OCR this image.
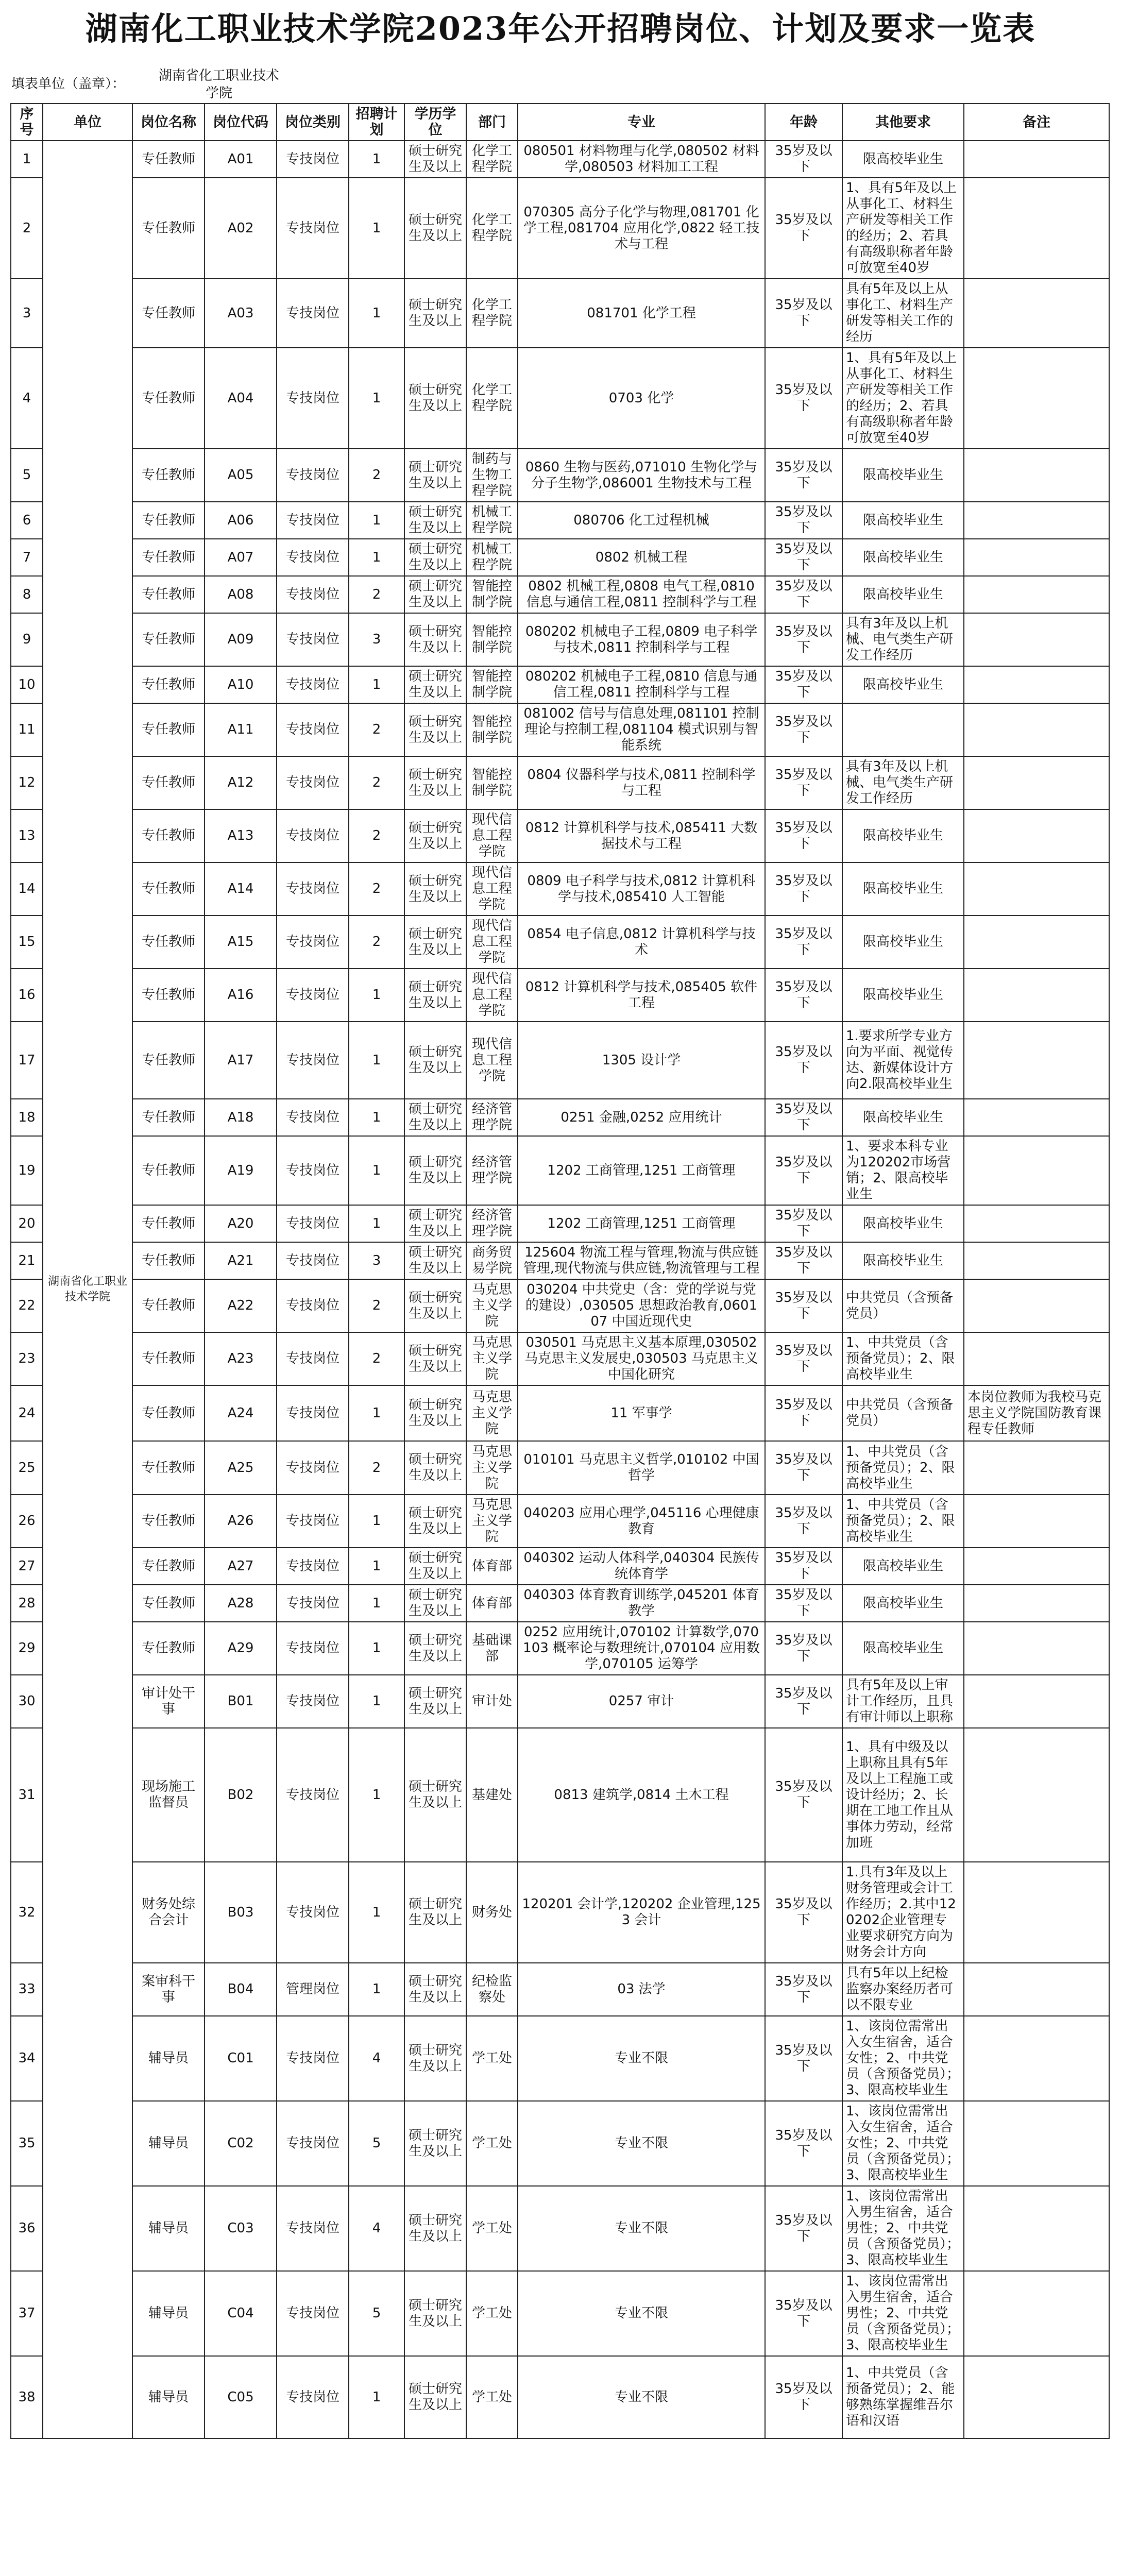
湖南化工职业技术学院2023年公开招聘岗位、计划及要求一览表
填表单位（盖章）：
湖南省化工职业技术学院
序号	单位	岗位名称	岗位代码	岗位类别	招聘计划	学历学位	部门	专业	年龄	其他要求	备注
1	湖南省化工职业技术学院	专任教师	A01	专技岗位	1	硕士研究生及以上	化学工程学院	080501 材料物理与化学,080502 材料学,080503 材料加工工程	35岁及以下	限高校毕业生	
2		专任教师	A02	专技岗位	1	硕士研究生及以上	化学工程学院	070305 高分子化学与物理,081701 化学工程,081704 应用化学,0822 轻工技术与工程	35岁及以下	1、具有5年及以上从事化工、材料生产研发等相关工作的经历；2、若具有高级职称者年龄可放宽至40岁	
3		专任教师	A03	专技岗位	1	硕士研究生及以上	化学工程学院	081701 化学工程	35岁及以下	具有5年及以上从事化工、材料生产研发等相关工作的经历	
4		专任教师	A04	专技岗位	1	硕士研究生及以上	化学工程学院	0703 化学	35岁及以下	1、具有5年及以上从事化工、材料生产研发等相关工作的经历；2、若具有高级职称者年龄可放宽至40岁	
5		专任教师	A05	专技岗位	2	硕士研究生及以上	制药与生物工程学院	0860 生物与医药,071010 生物化学与分子生物学,086001 生物技术与工程	35岁及以下	限高校毕业生	
6		专任教师	A06	专技岗位	1	硕士研究生及以上	机械工程学院	080706 化工过程机械	35岁及以下	限高校毕业生	
7		专任教师	A07	专技岗位	1	硕士研究生及以上	机械工程学院	0802 机械工程	35岁及以下	限高校毕业生	
8		专任教师	A08	专技岗位	2	硕士研究生及以上	智能控制学院	0802 机械工程,0808 电气工程,0810 信息与通信工程,0811 控制科学与工程	35岁及以下	限高校毕业生	
9		专任教师	A09	专技岗位	3	硕士研究生及以上	智能控制学院	080202 机械电子工程,0809 电子科学与技术,0811 控制科学与工程	35岁及以下	具有3年及以上机械、电气类生产研发工作经历	
10		专任教师	A10	专技岗位	1	硕士研究生及以上	智能控制学院	080202 机械电子工程,0810 信息与通信工程,0811 控制科学与工程	35岁及以下	限高校毕业生	
11		专任教师	A11	专技岗位	2	硕士研究生及以上	智能控制学院	081002 信号与信息处理,081101 控制理论与控制工程,081104 模式识别与智能系统	35岁及以下		
12		专任教师	A12	专技岗位	2	硕士研究生及以上	智能控制学院	0804 仪器科学与技术,0811 控制科学与工程	35岁及以下	具有3年及以上机械、电气类生产研发工作经历	
13		专任教师	A13	专技岗位	2	硕士研究生及以上	现代信息工程学院	0812 计算机科学与技术,085411 大数据技术与工程	35岁及以下	限高校毕业生	
14		专任教师	A14	专技岗位	2	硕士研究生及以上	现代信息工程学院	0809 电子科学与技术,0812 计算机科学与技术,085410 人工智能	35岁及以下	限高校毕业生	
15		专任教师	A15	专技岗位	2	硕士研究生及以上	现代信息工程学院	0854 电子信息,0812 计算机科学与技术	35岁及以下	限高校毕业生	
16		专任教师	A16	专技岗位	1	硕士研究生及以上	现代信息工程学院	0812 计算机科学与技术,085405 软件工程	35岁及以下	限高校毕业生	
17		专任教师	A17	专技岗位	1	硕士研究生及以上	现代信息工程学院	1305 设计学	35岁及以下	1.要求所学专业方向为平面、视觉传达、新媒体设计方向2.限高校毕业生	
18		专任教师	A18	专技岗位	1	硕士研究生及以上	经济管理学院	0251 金融,0252 应用统计	35岁及以下	限高校毕业生	
19		专任教师	A19	专技岗位	1	硕士研究生及以上	经济管理学院	1202 工商管理,1251 工商管理	35岁及以下	1、要求本科专业为120202市场营销；2、限高校毕业生	
20		专任教师	A20	专技岗位	1	硕士研究生及以上	经济管理学院	1202 工商管理,1251 工商管理	35岁及以下	限高校毕业生	
21		专任教师	A21	专技岗位	3	硕士研究生及以上	商务贸易学院	125604 物流工程与管理,物流与供应链管理,现代物流与供应链,物流管理与工程	35岁及以下	限高校毕业生	
22		专任教师	A22	专技岗位	2	硕士研究生及以上	马克思主义学院	030204 中共党史（含：党的学说与党的建设）,030505 思想政治教育,060107 中国近现代史	35岁及以下	中共党员（含预备党员）	
23		专任教师	A23	专技岗位	2	硕士研究生及以上	马克思主义学院	030501 马克思主义基本原理,030502 马克思主义发展史,030503 马克思主义中国化研究	35岁及以下	1、中共党员（含预备党员）；2、限高校毕业生	
24		专任教师	A24	专技岗位	1	硕士研究生及以上	马克思主义学院	11 军事学	35岁及以下	中共党员（含预备党员）	本岗位教师为我校马克思主义学院国防教育课程专任教师
25		专任教师	A25	专技岗位	2	硕士研究生及以上	马克思主义学院	010101 马克思主义哲学,010102 中国哲学	35岁及以下	1、中共党员（含预备党员）；2、限高校毕业生	
26		专任教师	A26	专技岗位	1	硕士研究生及以上	马克思主义学院	040203 应用心理学,045116 心理健康教育	35岁及以下	1、中共党员（含预备党员）；2、限高校毕业生	
27		专任教师	A27	专技岗位	1	硕士研究生及以上	体育部	040302 运动人体科学,040304 民族传统体育学	35岁及以下	限高校毕业生	
28		专任教师	A28	专技岗位	1	硕士研究生及以上	体育部	040303 体育教育训练学,045201 体育教学	35岁及以下	限高校毕业生	
29		专任教师	A29	专技岗位	1	硕士研究生及以上	基础课部	0252 应用统计,070102 计算数学,070103 概率论与数理统计,070104 应用数学,070105 运筹学	35岁及以下	限高校毕业生	
30		审计处干事	B01	专技岗位	1	硕士研究生及以上	审计处	0257 审计	35岁及以下	具有5年及以上审计工作经历，且具有审计师以上职称	
31		现场施工监督员	B02	专技岗位	1	硕士研究生及以上	基建处	0813 建筑学,0814 土木工程	35岁及以下	1、具有中级及以上职称且具有5年及以上工程施工或设计经历；2、长期在工地工作且从事体力劳动，经常加班	
32		财务处综合会计	B03	专技岗位	1	硕士研究生及以上	财务处	120201 会计学,120202 企业管理,1253 会计	35岁及以下	1.具有3年及以上财务管理或会计工作经历；2.其中120202企业管理专业要求研究方向为财务会计方向	
33		案审科干事	B04	管理岗位	1	硕士研究生及以上	纪检监察处	03 法学	35岁及以下	具有5年以上纪检监察办案经历者可以不限专业	
34		辅导员	C01	专技岗位	4	硕士研究生及以上	学工处	专业不限	35岁及以下	1、该岗位需常出入女生宿舍，适合女性；2、中共党员（含预备党员）；3、限高校毕业生	
35		辅导员	C02	专技岗位	5	硕士研究生及以上	学工处	专业不限	35岁及以下	1、该岗位需常出入女生宿舍，适合女性；2、中共党员（含预备党员）；3、限高校毕业生	
36		辅导员	C03	专技岗位	4	硕士研究生及以上	学工处	专业不限	35岁及以下	1、该岗位需常出入男生宿舍，适合男性；2、中共党员（含预备党员）；3、限高校毕业生	
37		辅导员	C04	专技岗位	5	硕士研究生及以上	学工处	专业不限	35岁及以下	1、该岗位需常出入男生宿舍，适合男性；2、中共党员（含预备党员）；3、限高校毕业生	
38		辅导员	C05	专技岗位	1	硕士研究生及以上	学工处	专业不限	35岁及以下	1、中共党员（含预备党员）；2、能够熟练掌握维吾尔语和汉语	
